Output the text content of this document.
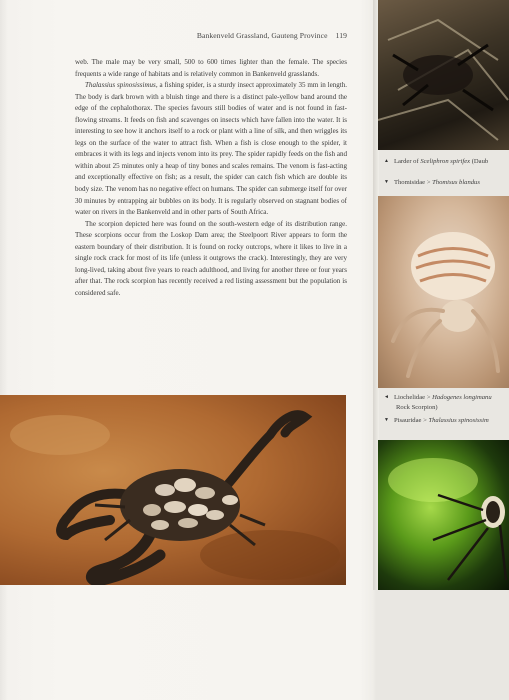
Bankenveld Grassland, Gauteng Province 119

web. The male may be very small, 500 to 600 times lighter than the female. The species frequents a wide range of habitats and is relatively common in Bankenveld grasslands.

Thalassius spinosissimus, a fishing spider, is a sturdy insect approximately 35 mm in length. The body is dark brown with a bluish tinge and there is a distinct pale-yellow band around the edge of the cephalothorax. The species favours still bodies of water and is not found in fast-flowing streams. It feeds on fish and scavenges on insects which have fallen into the water. It is interesting to see how it anchors itself to a rock or plant with a line of silk, and then wriggles its legs on the surface of the water to attract fish. When a fish is close enough to the spider, it embraces it with its legs and injects venom into its prey. The spider rapidly feeds on the fish and within about 25 minutes only a heap of tiny bones and scales remains. The venom is fast-acting and exceptionally effective on fish; as a result, the spider can catch fish which are double its body size. The venom has no negative effect on humans. The spider can submerge itself for over 30 minutes by entrapping air bubbles on its body. It is regularly observed on stagnant bodies of water on rivers in the Bankenveld and in other parts of South Africa.

The scorpion depicted here was found on the south-western edge of its distribution range. These scorpions occur from the Loskop Dam area; the Steelpoort River appears to form the eastern boundary of their distribution. It is found on rocky outcrops, where it likes to live in a single rock crack for most of its life (unless it outgrows the crack). Interestingly, they are very long-lived, taking about five years to reach adulthood, and living for another three or four years after that. The rock scorpion has recently received a red listing assessment but the population is considered safe.

▲ Larder of Sceliphron spirifex (Daub
▼ Thomisidae > Thomisus blandus
◄ Liochelidae > Hadogenes longimanu
Rock Scorpion)
▼ Pisauridae > Thalassius spinosissim
